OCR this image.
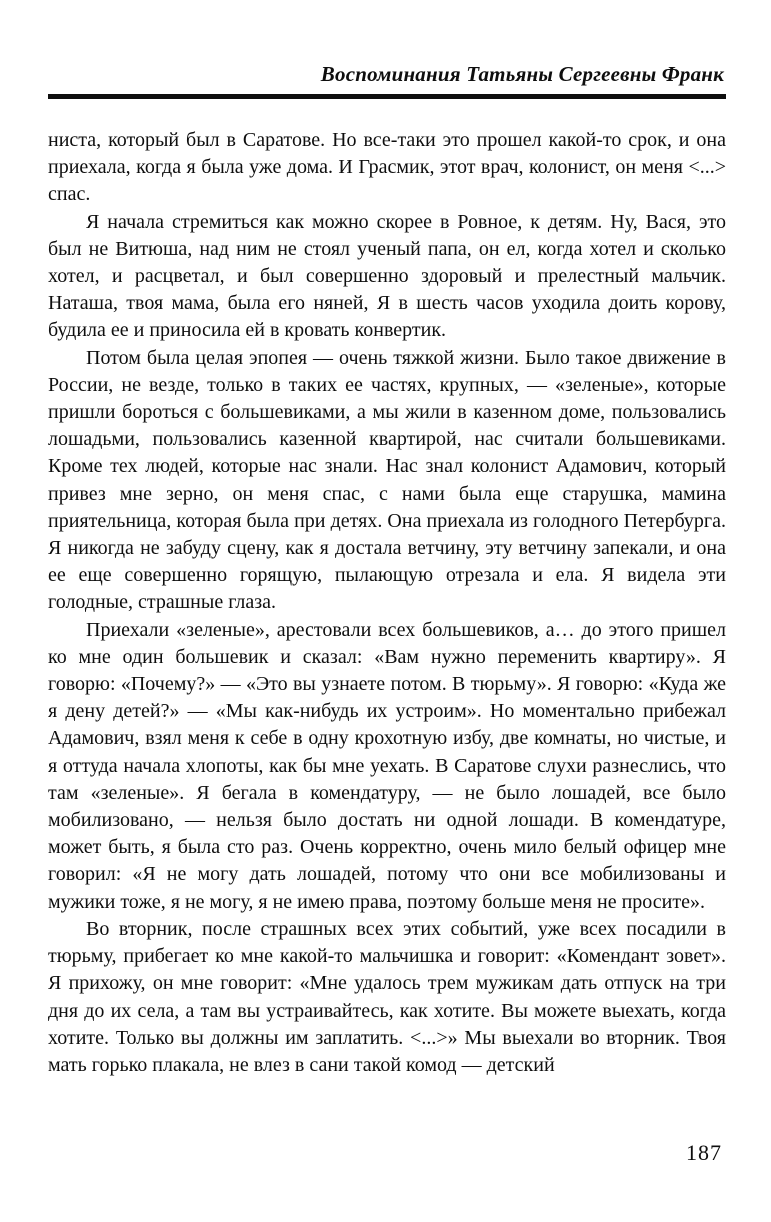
Воспоминания Татьяны Сергеевны Франк

ниста, который был в Саратове. Но все-таки это прошел какой-то срок, и она приехала, когда я была уже дома. И Грасмик, этот врач, колонист, он меня <...> спас.

Я начала стремиться как можно скорее в Ровное, к детям. Ну, Вася, это был не Витюша, над ним не стоял ученый папа, он ел, когда хотел и сколько хотел, и расцветал, и был совершенно здоровый и прелестный мальчик. Наташа, твоя мама, была его няней, Я в шесть часов уходила доить корову, будила ее и приносила ей в кровать конвертик.

Потом была целая эпопея — очень тяжкой жизни. Было такое движение в России, не везде, только в таких ее частях, крупных, — «зеленые», которые пришли бороться с большевиками, а мы жили в казенном доме, пользовались лошадьми, пользовались казенной квартирой, нас считали большевиками. Кроме тех людей, которые нас знали. Нас знал колонист Адамович, который привез мне зерно, он меня спас, с нами была еще старушка, мамина приятельница, которая была при детях. Она приехала из голодного Петербурга. Я никогда не забуду сцену, как я достала ветчину, эту ветчину запекали, и она ее еще совершенно горящую, пылающую отрезала и ела. Я видела эти голодные, страшные глаза.

Приехали «зеленые», арестовали всех большевиков, а… до этого пришел ко мне один большевик и сказал: «Вам нужно переменить квартиру». Я говорю: «Почему?» — «Это вы узнаете потом. В тюрьму». Я говорю: «Куда же я дену детей?» — «Мы как-нибудь их устроим». Но моментально прибежал Адамович, взял меня к себе в одну крохотную избу, две комнаты, но чистые, и я оттуда начала хлопоты, как бы мне уехать. В Саратове слухи разнеслись, что там «зеленые». Я бегала в комендатуру, — не было лошадей, все было мобилизовано, — нельзя было достать ни одной лошади. В комендатуре, может быть, я была сто раз. Очень корректно, очень мило белый офицер мне говорил: «Я не могу дать лошадей, потому что они все мобилизованы и мужики тоже, я не могу, я не имею права, поэтому больше меня не просите».

Во вторник, после страшных всех этих событий, уже всех посадили в тюрьму, прибегает ко мне какой-то мальчишка и говорит: «Комендант зовет». Я прихожу, он мне говорит: «Мне удалось трем мужикам дать отпуск на три дня до их села, а там вы устраивайтесь, как хотите. Вы можете выехать, когда хотите. Только вы должны им заплатить. <...>» Мы выехали во вторник. Твоя мать горько плакала, не влез в сани такой комод — детский

187
